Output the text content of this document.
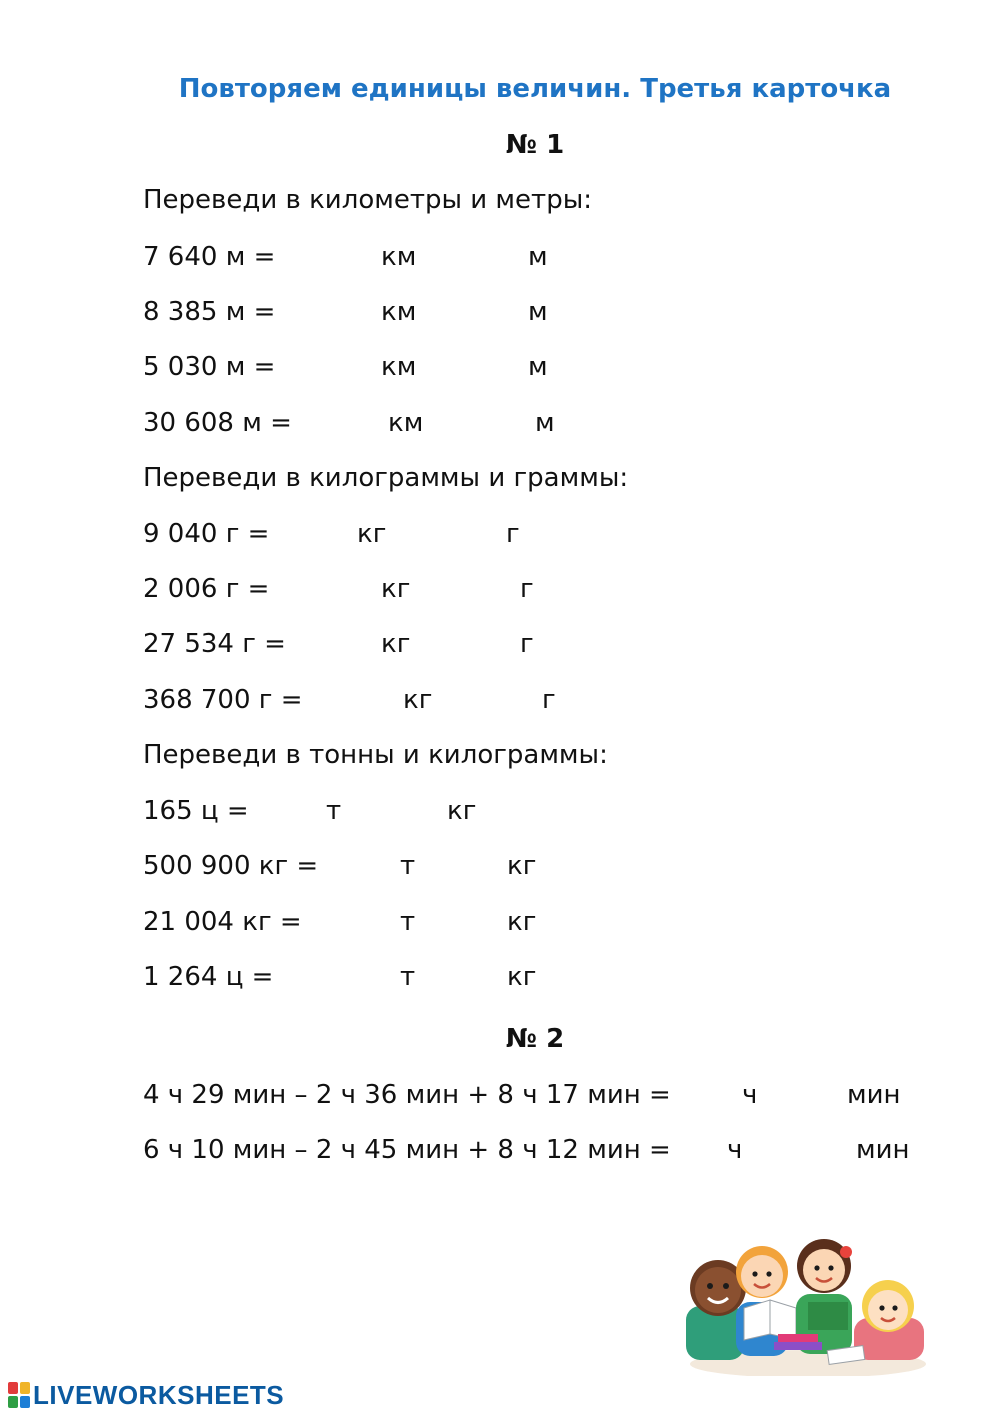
Повторяем единицы величин. Третья карточка
№ 1
Переведи в километры и метры:
7 640 м =	км	м
8 385 м =	км	м
5 030 м =	км	м
30 608 м =	км	м
Переведи в килограммы и граммы:
9 040 г =	кг	г
2 006 г =	кг	г
27 534 г =	кг	г
368 700 г =	кг	г
Переведи в тонны и килограммы:
165 ц =	т	кг
500 900 кг =	т	кг
21 004 кг =	т	кг
1 264 ц =	т	кг
№ 2
4 ч 29 мин – 2 ч 36 мин + 8 ч 17 мин =	ч	мин
6 ч 10 мин – 2 ч 45 мин + 8 ч 12 мин = ч	мин
LIVEWORKSHEETS
